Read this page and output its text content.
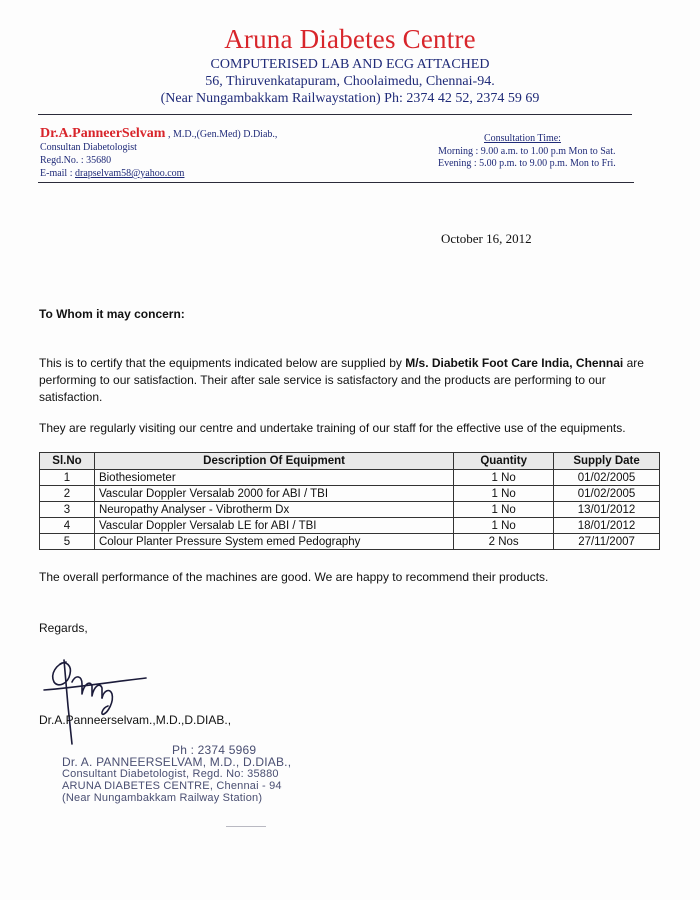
Aruna Diabetes Centre
COMPUTERISED LAB AND ECG ATTACHED
56, Thiruvenkatapuram, Choolaimedu, Chennai-94.
(Near Nungambakkam Railwaystation) Ph: 2374 42 52, 2374 59 69
Dr.A.PanneerSelvam , M.D.,(Gen.Med) D.Diab.,
Consultan Diabetologist
Regd.No. : 35680
E-mail : drapselvam58@yahoo.com
Consultation Time:
Morning : 9.00 a.m. to 1.00 p.m Mon to Sat.
Evening : 5.00 p.m. to 9.00 p.m. Mon to Fri.
October 16, 2012
To Whom it may concern:
This is to certify that the equipments indicated below are supplied by M/s. Diabetik Foot Care India, Chennai are performing to our satisfaction. Their after sale service is satisfactory and the products are performing to our satisfaction.
They are regularly visiting our centre and undertake training of our staff for the effective use of the equipments.
Sl.No	Description Of Equipment	Quantity	Supply Date
1	Biothesiometer	1 No	01/02/2005
2	Vascular Doppler Versalab 2000 for ABI / TBI	1 No	01/02/2005
3	Neuropathy Analyser - Vibrotherm Dx	1 No	13/01/2012
4	Vascular Doppler Versalab LE for ABI / TBI	1 No	18/01/2012
5	Colour Planter Pressure System emed Pedography	2 Nos	27/11/2007
The overall performance of the machines are good. We are happy to recommend their products.
Regards,
Dr.A.Panneerselvam.,M.D.,D.DIAB.,
Ph : 2374 5969
Dr. A. PANNEERSELVAM, M.D., D.DIAB.,
Consultant Diabetologist, Regd. No: 35880
ARUNA DIABETES CENTRE, Chennai - 94
(Near Nungambakkam Railway Station)
